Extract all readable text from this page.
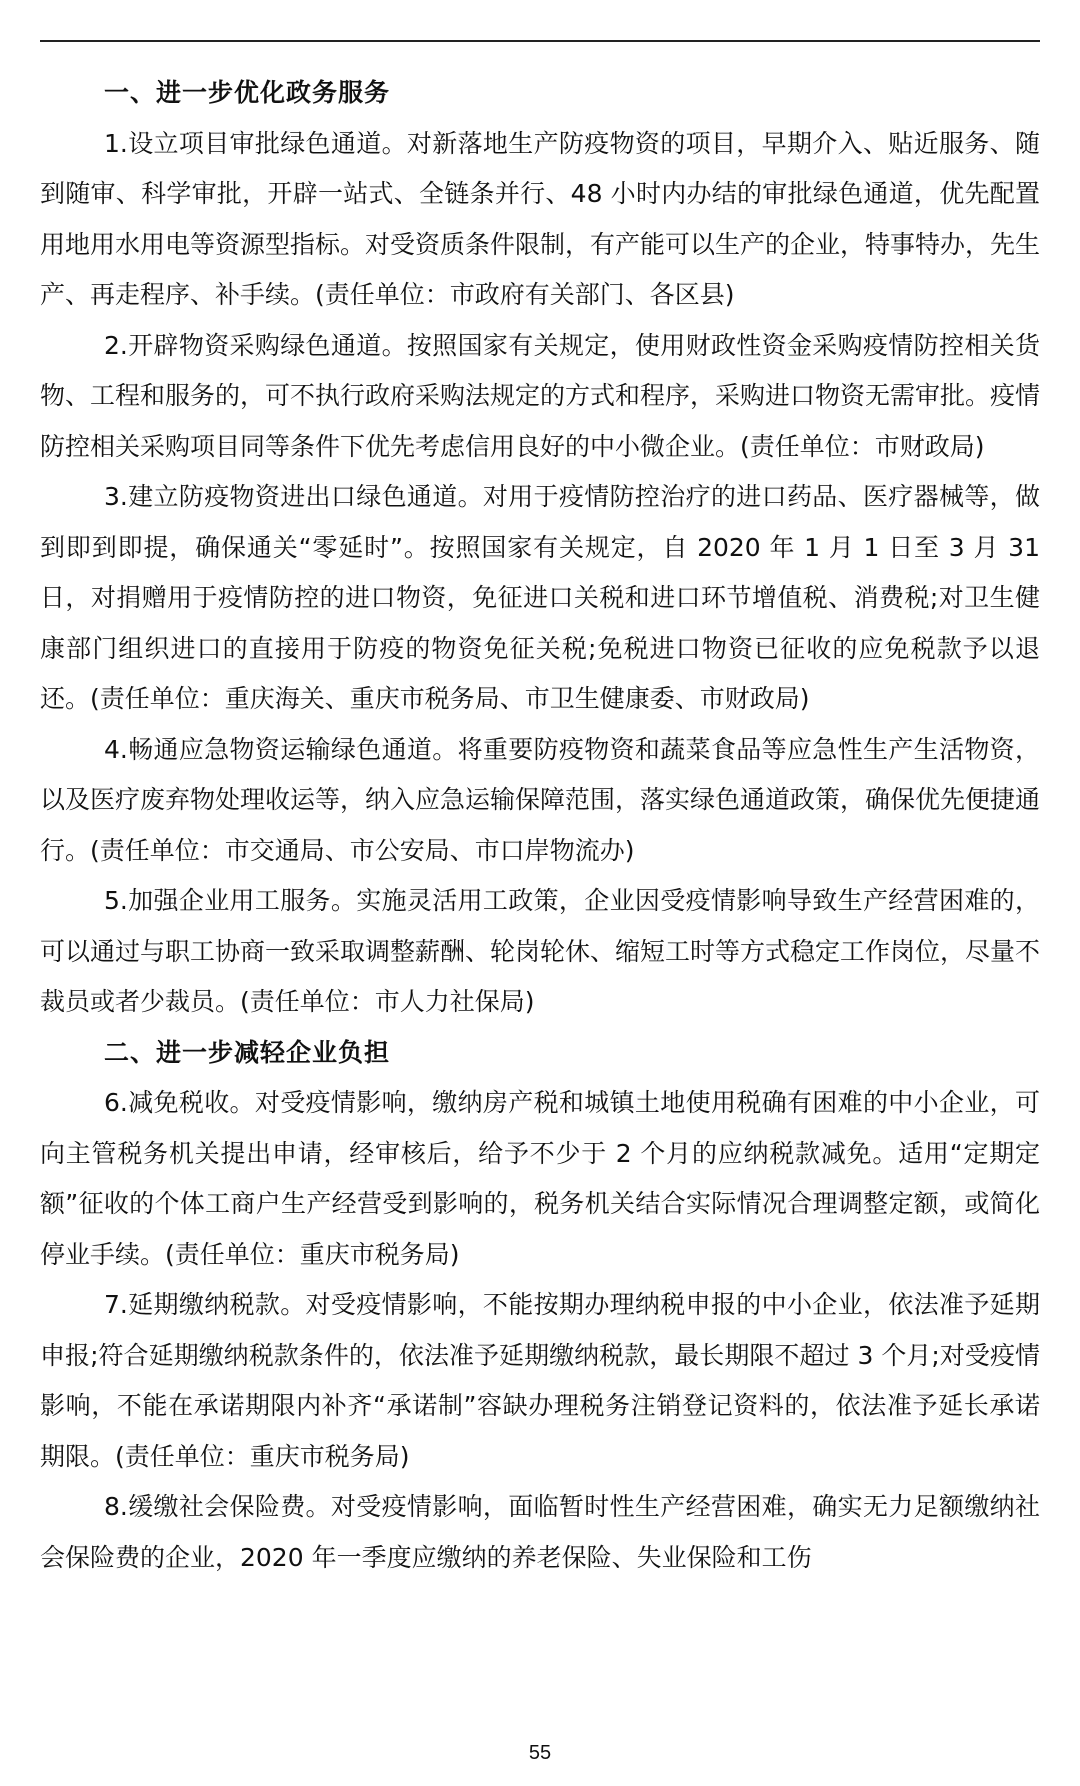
一、进一步优化政务服务

1.设立项目审批绿色通道。对新落地生产防疫物资的项目，早期介入、贴近服务、随到随审、科学审批，开辟一站式、全链条并行、48 小时内办结的审批绿色通道，优先配置用地用水用电等资源型指标。对受资质条件限制，有产能可以生产的企业，特事特办，先生产、再走程序、补手续。(责任单位：市政府有关部门、各区县)

2.开辟物资采购绿色通道。按照国家有关规定，使用财政性资金采购疫情防控相关货物、工程和服务的，可不执行政府采购法规定的方式和程序，采购进口物资无需审批。疫情防控相关采购项目同等条件下优先考虑信用良好的中小微企业。(责任单位：市财政局)

3.建立防疫物资进出口绿色通道。对用于疫情防控治疗的进口药品、医疗器械等，做到即到即提，确保通关“零延时”。按照国家有关规定，自 2020 年 1 月 1 日至 3 月 31 日，对捐赠用于疫情防控的进口物资，免征进口关税和进口环节增值税、消费税;对卫生健康部门组织进口的直接用于防疫的物资免征关税;免税进口物资已征收的应免税款予以退还。(责任单位：重庆海关、重庆市税务局、市卫生健康委、市财政局)

4.畅通应急物资运输绿色通道。将重要防疫物资和蔬菜食品等应急性生产生活物资，以及医疗废弃物处理收运等，纳入应急运输保障范围，落实绿色通道政策，确保优先便捷通行。(责任单位：市交通局、市公安局、市口岸物流办)

5.加强企业用工服务。实施灵活用工政策，企业因受疫情影响导致生产经营困难的，可以通过与职工协商一致采取调整薪酬、轮岗轮休、缩短工时等方式稳定工作岗位，尽量不裁员或者少裁员。(责任单位：市人力社保局)

二、进一步减轻企业负担

6.减免税收。对受疫情影响，缴纳房产税和城镇土地使用税确有困难的中小企业，可向主管税务机关提出申请，经审核后，给予不少于 2 个月的应纳税款减免。适用“定期定额”征收的个体工商户生产经营受到影响的，税务机关结合实际情况合理调整定额，或简化停业手续。(责任单位：重庆市税务局)

7.延期缴纳税款。对受疫情影响，不能按期办理纳税申报的中小企业，依法准予延期申报;符合延期缴纳税款条件的，依法准予延期缴纳税款，最长期限不超过 3 个月;对受疫情影响，不能在承诺期限内补齐“承诺制”容缺办理税务注销登记资料的，依法准予延长承诺期限。(责任单位：重庆市税务局)

8.缓缴社会保险费。对受疫情影响，面临暂时性生产经营困难，确实无力足额缴纳社会保险费的企业，2020 年一季度应缴纳的养老保险、失业保险和工伤

55
